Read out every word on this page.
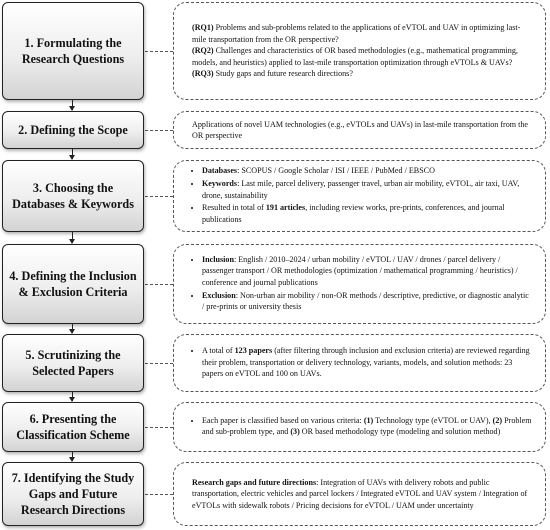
1. Formulating the Research Questions
2. Defining the Scope
3. Choosing the Databases & Keywords
4. Defining the Inclusion & Exclusion Criteria
5. Scrutinizing the Selected Papers
6. Presenting the Classification Scheme
7. Identifying the Study Gaps and Future Research Directions

(RQ1) Problems and sub-problems related to the applications of eVTOL and UAV in optimizing last-mile transportation from the OR perspective?

(RQ2) Challenges and characteristics of OR based methodologies (e.g., mathematical programming, models, and heuristics) applied to last-mile transportation optimization through eVTOLs & UAVs?

(RQ3) Study gaps and future research directions?

Applications of novel UAM technologies (e.g., eVTOLs and UAVs) in last-mile transportation from the OR perspective

• Databases: SCOPUS / Google Scholar / ISI / IEEE / PubMed / EBSCO
• Keywords: Last mile, parcel delivery, passenger travel, urban air mobility, eVTOL, air taxi, UAV, drone, sustainability
• Resulted in total of 191 articles, including review works, pre-prints, conferences, and journal publications
• Inclusion: English / 2010–2024 / urban mobility / eVTOL / UAV / drones / parcel delivery / passenger transport / OR methodologies (optimization / mathematical programming / heuristics) / conference and journal publications
• Exclusion: Non-urban air mobility / non-OR methods / descriptive, predictive, or diagnostic analytic / pre-prints or university thesis
• A total of 123 papers (after filtering through inclusion and exclusion criteria) are reviewed regarding their problem, transportation or delivery technology, variants, models, and solution methods: 23 papers on eVTOL and 100 on UAVs.
• Each paper is classified based on various criteria: (1) Technology type (eVTOL or UAV), (2) Problem and sub-problem type, and (3) OR based methodology type (modeling and solution method)

Research gaps and future directions: Integration of UAVs with delivery robots and public transportation, electric vehicles and parcel lockers / Integrated eVTOL and UAV system / Integration of eVTOLs with sidewalk robots / Pricing decisions for eVTOL / UAM under uncertainty
